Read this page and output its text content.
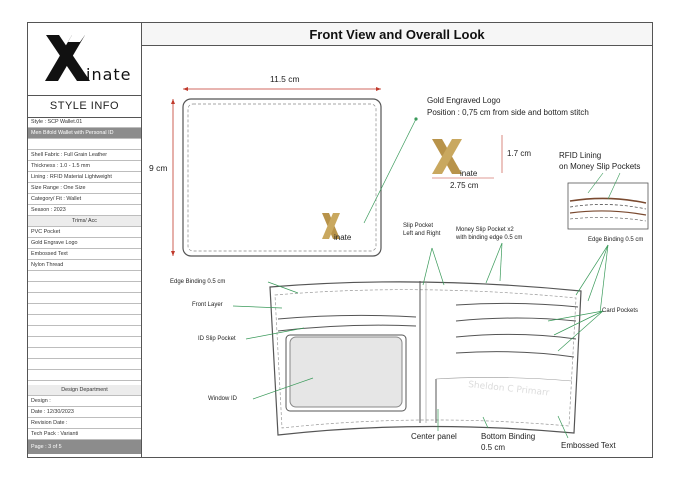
inate
STYLE INFO
Style : SCP Wallet.01
Men Bifold Wallet with Personal ID
Shell Fabric : Full Grain Leather
Thickness : 1.0 - 1.5 mm
Lining : RFID Material Lightweight
Size Range : One Size
Category/ Fit : Wallet
Season : 2023
Trims/ Acc
PVC Pocket
Gold Engrave Logo
Embossed Text
Nylon Thread
Design Department
Design :
Date : 12/30/2023
Revision Date :
Tech Pack : Varianti
Page : 3 of 5
Front View and Overall Look
Sheldon C Primarr
11.5 cm
9 cm
Gold Engraved Logo
Position : 0,75 cm from side and bottom stitch
inate
1.7 cm
2.75 cm
inate
RFID Lining
on Money Slip Pockets
Slip Pocket
Left and Right
Money Slip Pocket x2
with binding edge 0.5 cm	Edge Binding 0.5 cm
Edge Binding 0.5 cm
Front Layer
ID Slip Pocket
Window ID
Card Pockets
Center panel	Bottom Binding
0.5 cm	Embossed Text
